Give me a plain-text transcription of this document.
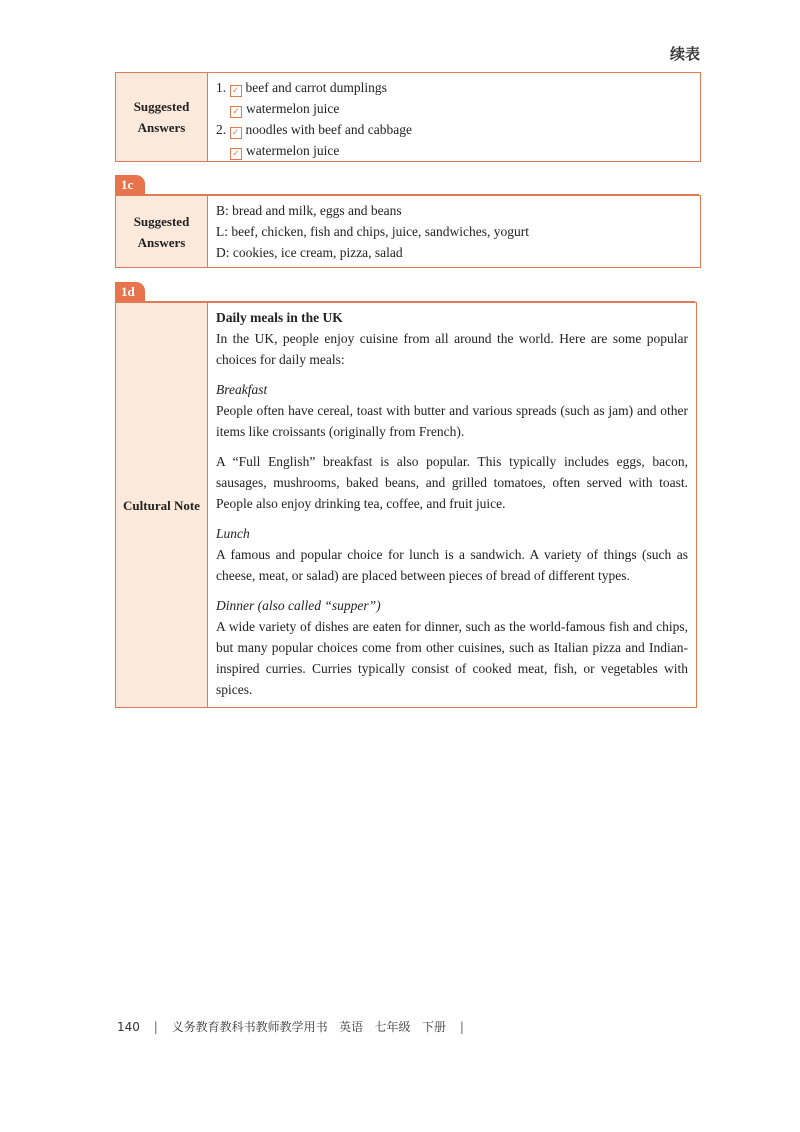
续表
Suggested Answers
1. ✓ beef and carrot dumplings
✓ watermelon juice
2. ✓ noodles with beef and cabbage
✓ watermelon juice
1c
Suggested Answers
B: bread and milk, eggs and beans
L: beef, chicken, fish and chips, juice, sandwiches, yogurt
D: cookies, ice cream, pizza, salad
1d
Cultural Note

Daily meals in the UK

In the UK, people enjoy cuisine from all around the world. Here are some popular choices for daily meals:

Breakfast

People often have cereal, toast with butter and various spreads (such as jam) and other items like croissants (originally from French).

A “Full English” breakfast is also popular. This typically includes eggs, bacon, sausages, mushrooms, baked beans, and grilled tomatoes, often served with toast. People also enjoy drinking tea, coffee, and fruit juice.

Lunch

A famous and popular choice for lunch is a sandwich. A variety of things (such as cheese, meat, or salad) are placed between pieces of bread of different types.

Dinner (also called “supper”)

A wide variety of dishes are eaten for dinner, such as the world-famous fish and chips, but many popular choices come from other cuisines, such as Italian pizza and Indian-inspired curries. Curries typically consist of cooked meat, fish, or vegetables with spices.

140 | 义务教育教科书教师教学用书 英语 七年级 下册 |
